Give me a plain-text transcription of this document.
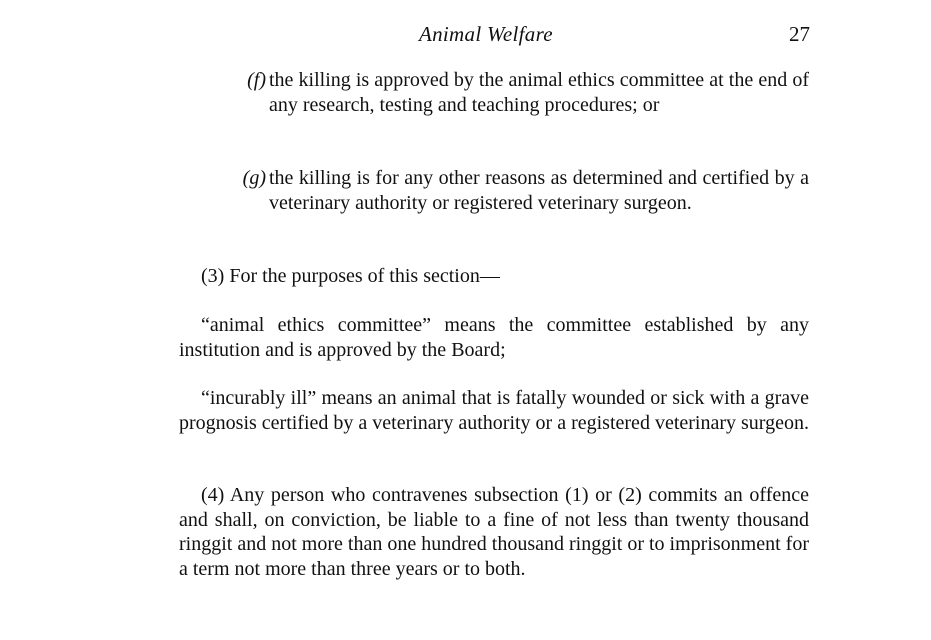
Animal Welfare	27
(f) the killing is approved by the animal ethics committee at the end of any research, testing and teaching procedures; or
(g) the killing is for any other reasons as determined and certified by a veterinary authority or registered veterinary surgeon.
(3) For the purposes of this section—
“animal ethics committee” means the committee established by any institution and is approved by the Board;
“incurably ill” means an animal that is fatally wounded or sick with a grave prognosis certified by a veterinary authority or a registered veterinary surgeon.
(4) Any person who contravenes subsection (1) or (2) commits an offence and shall, on conviction, be liable to a fine of not less than twenty thousand ringgit and not more than one hundred thousand ringgit or to imprisonment for a term not more than three years or to both.
